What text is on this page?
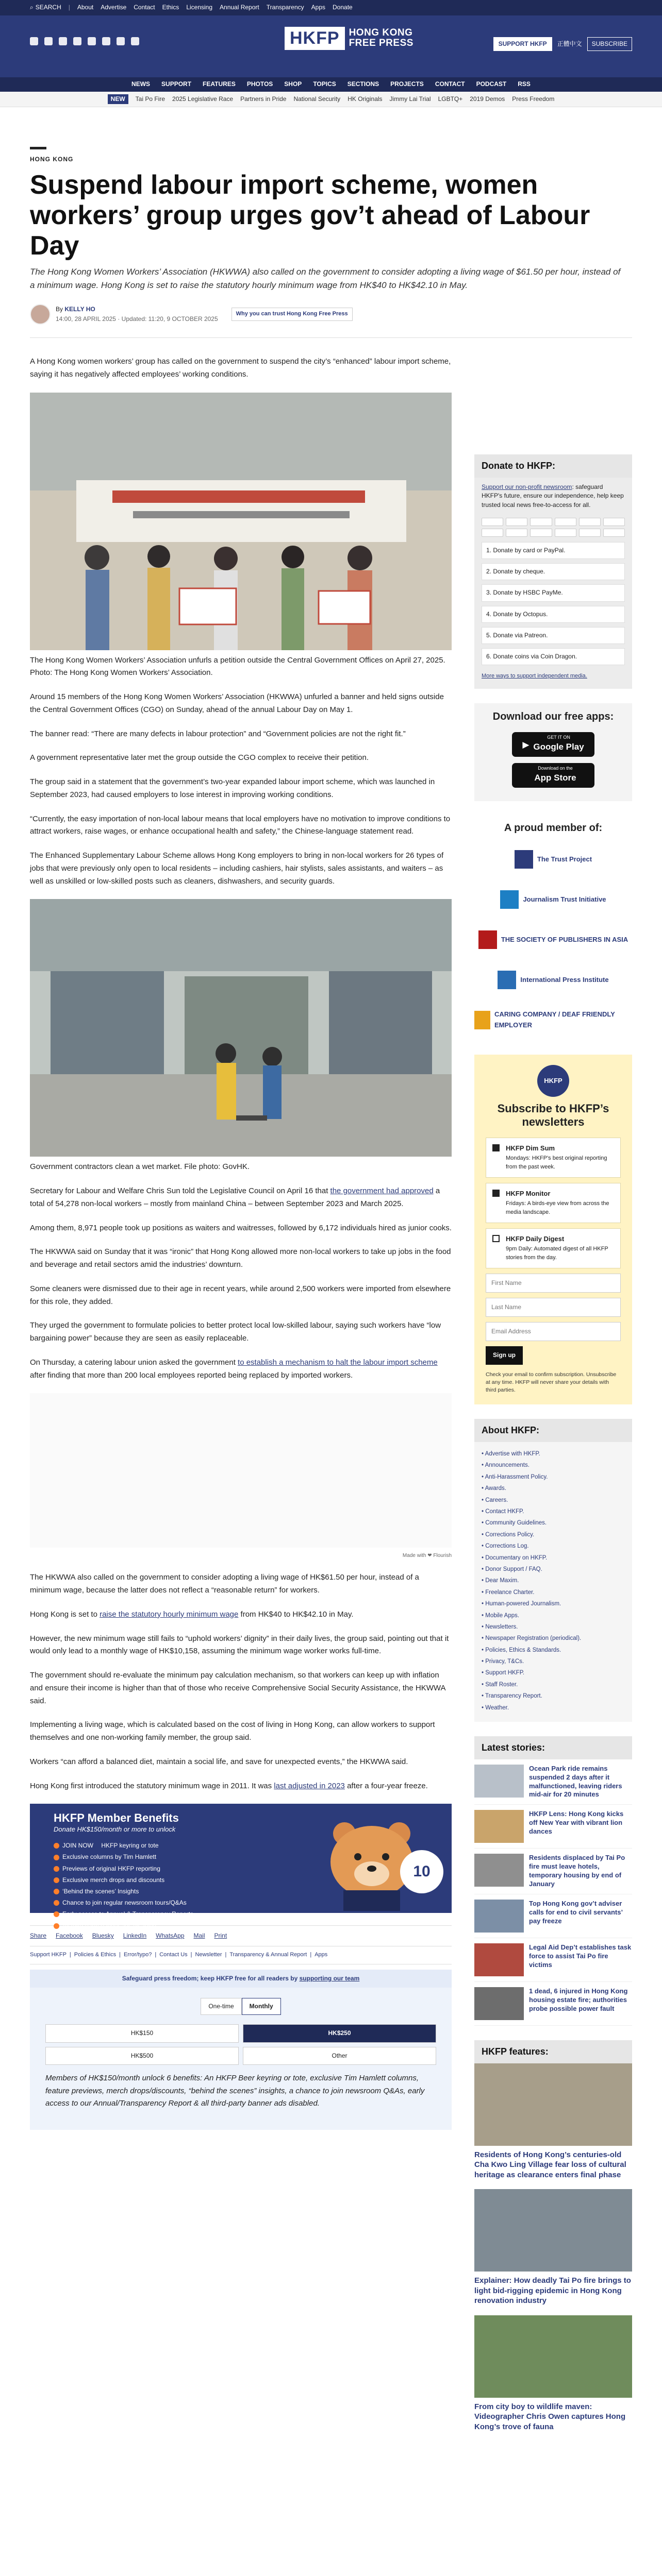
⌕ SEARCH | About Advertise Contact Ethics Licensing Annual Report Transparency Apps Donate
HKFP HONG KONG
FREE PRESS	SUPPORT HKFP	正體中文	SUBSCRIBE
NEWS SUPPORT FEATURES PHOTOS SHOP TOPICS SECTIONS PROJECTS CONTACT PODCAST RSS
NEW	Tai Po Fire 2025 Legislative Race Partners in Pride National Security HK Originals Jimmy Lai Trial LGBTQ+ 2019 Demos Press Freedom
HONG KONG
Suspend labour import scheme, women workers’ group urges gov’t ahead of Labour Day

The Hong Kong Women Workers’ Association (HKWWA) also called on the government to consider adopting a living wage of $61.50 per hour, instead of a minimum wage. Hong Kong is set to raise the statutory hourly minimum wage from HK$40 to HK$42.10 in May.

By KELLY HO
14:00, 28 APRIL 2025 · Updated: 11:20, 9 OCTOBER 2025
Why you can trust Hong Kong Free Press

A Hong Kong women workers’ group has called on the government to suspend the city’s “enhanced” labour import scheme, saying it has negatively affected employees’ working conditions.

The Hong Kong Women Workers’ Association unfurls a petition outside the Central Government Offices on April 27, 2025. Photo: The Hong Kong Women Workers’ Association.

Around 15 members of the Hong Kong Women Workers’ Association (HKWWA) unfurled a banner and held signs outside the Central Government Offices (CGO) on Sunday, ahead of the annual Labour Day on May 1.

The banner read: “There are many defects in labour protection” and “Government policies are not the right fit.”

A government representative later met the group outside the CGO complex to receive their petition.

The group said in a statement that the government’s two-year expanded labour import scheme, which was launched in September 2023, had caused employers to lose interest in improving working conditions.

“Currently, the easy importation of non-local labour means that local employers have no motivation to improve conditions to attract workers, raise wages, or enhance occupational health and safety,” the Chinese-language statement read.

The Enhanced Supplementary Labour Scheme allows Hong Kong employers to bring in non-local workers for 26 types of jobs that were previously only open to local residents – including cashiers, hair stylists, sales assistants, and waiters – as well as unskilled or low-skilled posts such as cleaners, dishwashers, and security guards.

Government contractors clean a wet market. File photo: GovHK.

Secretary for Labour and Welfare Chris Sun told the Legislative Council on April 16 that the government had approved a total of 54,278 non-local workers – mostly from mainland China – between September 2023 and March 2025.

Among them, 8,971 people took up positions as waiters and waitresses, followed by 6,172 individuals hired as junior cooks.

The HKWWA said on Sunday that it was “ironic” that Hong Kong allowed more non-local workers to take up jobs in the food and beverage and retail sectors amid the industries’ downturn.

Some cleaners were dismissed due to their age in recent years, while around 2,500 workers were imported from elsewhere for this role, they added.

They urged the government to formulate policies to better protect local low-skilled labour, saying such workers have “low bargaining power” because they are seen as easily replaceable.

On Thursday, a catering labour union asked the government to establish a mechanism to halt the labour import scheme after finding that more than 200 local employees reported being replaced by imported workers.

Made with ❤ Flourish

The HKWWA also called on the government to consider adopting a living wage of HK$61.50 per hour, instead of a minimum wage, because the latter does not reflect a “reasonable return” for workers.

Hong Kong is set to raise the statutory hourly minimum wage from HK$40 to HK$42.10 in May.

However, the new minimum wage still fails to “uphold workers’ dignity” in their daily lives, the group said, pointing out that it would only lead to a monthly wage of HK$10,158, assuming the minimum wage worker works full-time.

The government should re-evaluate the minimum pay calculation mechanism, so that workers can keep up with inflation and ensure their income is higher than that of those who receive Comprehensive Social Security Assistance, the HKWWA said.

Implementing a living wage, which is calculated based on the cost of living in Hong Kong, can allow workers to support themselves and one non-working family member, the group said.

Workers “can afford a balanced diet, maintain a social life, and save for unexpected events,” the HKWWA said.

Hong Kong first introduced the statutory minimum wage in 2011. It was last adjusted in 2023 after a four-year freeze.

HKFP Member Benefits
Donate HK$150/month or more to unlock
JOIN NOW
HKFP keyring or tote
Exclusive columns by Tim Hamlett
Previews of original HKFP reporting
Exclusive merch drops and discounts
‘Behind the scenes’ Insights
Chance to join regular newsroom tours/Q&As
Early access to Annual & Transparency Reports
All third-party banner ads disabled
10
Share Facebook Bluesky LinkedIn WhatsApp Mail Print
Support HKFP | Policies & Ethics | Error/typo? | Contact Us | Newsletter | Transparency & Annual Report | Apps
Safeguard press freedom; keep HKFP free for all readers by supporting our team
One-time	Monthly
HK$150	HK$250
HK$500	Other

Members of HK$150/month unlock 6 benefits: An HKFP Beer keyring or tote, exclusive Tim Hamlett columns, feature previews, merch drops/discounts, “behind the scenes” insights, a chance to join newsroom Q&As, early access to our Annual/Transparency Report & all third-party banner ads disabled.

Donate to HKFP:
Support our non-profit newsroom: safeguard HKFP's future, ensure our independence, help keep trusted local news free-to-access for all.
1. Donate by card or PayPal.
2. Donate by cheque.
3. Donate by HSBC PayMe.
4. Donate by Octopus.
5. Donate via Patreon.
6. Donate coins via Coin Dragon.
More ways to support independent media.
Download our free apps:
▶
GET IT ON
Google Play
Download on the
App Store
A proud member of:
The Trust Project
Journalism Trust Initiative
THE SOCIETY OF PUBLISHERS IN ASIA
International Press Institute
CARING COMPANY / DEAF FRIENDLY EMPLOYER
HKFP
Subscribe to HKFP’s newsletters
HKFP Dim Sum
Mondays: HKFP's best original reporting from the past week.
HKFP Monitor
Fridays: A birds-eye view from across the media landscape.
HKFP Daily Digest
9pm Daily: Automated digest of all HKFP stories from the day.
First Name
Last Name
Email Address
Sign up

Check your email to confirm subscription. Unsubscribe at any time. HKFP will never share your details with third parties.

About HKFP:
• Advertise with HKFP.
• Announcements.
• Anti-Harassment Policy.
• Awards.
• Careers.
• Contact HKFP.
• Community Guidelines.
• Corrections Policy.
• Corrections Log.
• Documentary on HKFP.
• Donor Support / FAQ.
• Dear Maxim.
• Freelance Charter.
• Human-powered Journalism.
• Mobile Apps.
• Newsletters.
• Newspaper Registration (periodical).
• Policies, Ethics & Standards.
• Privacy, T&Cs.
• Support HKFP.
• Staff Roster.
• Transparency Report.
• Weather.
Latest stories:
Ocean Park ride remains suspended 2 days after it malfunctioned, leaving riders mid-air for 20 minutes
HKFP Lens: Hong Kong kicks off New Year with vibrant lion dances
Residents displaced by Tai Po fire must leave hotels, temporary housing by end of January
Top Hong Kong gov’t adviser calls for end to civil servants’ pay freeze
Legal Aid Dep’t establishes task force to assist Tai Po fire victims
1 dead, 6 injured in Hong Kong housing estate fire; authorities probe possible power fault
HKFP features:
Residents of Hong Kong’s centuries-old Cha Kwo Ling Village fear loss of cultural heritage as clearance enters final phase
Explainer: How deadly Tai Po fire brings to light bid-rigging epidemic in Hong Kong renovation industry
From city boy to wildlife maven: Videographer Chris Owen captures Hong Kong’s trove of fauna
